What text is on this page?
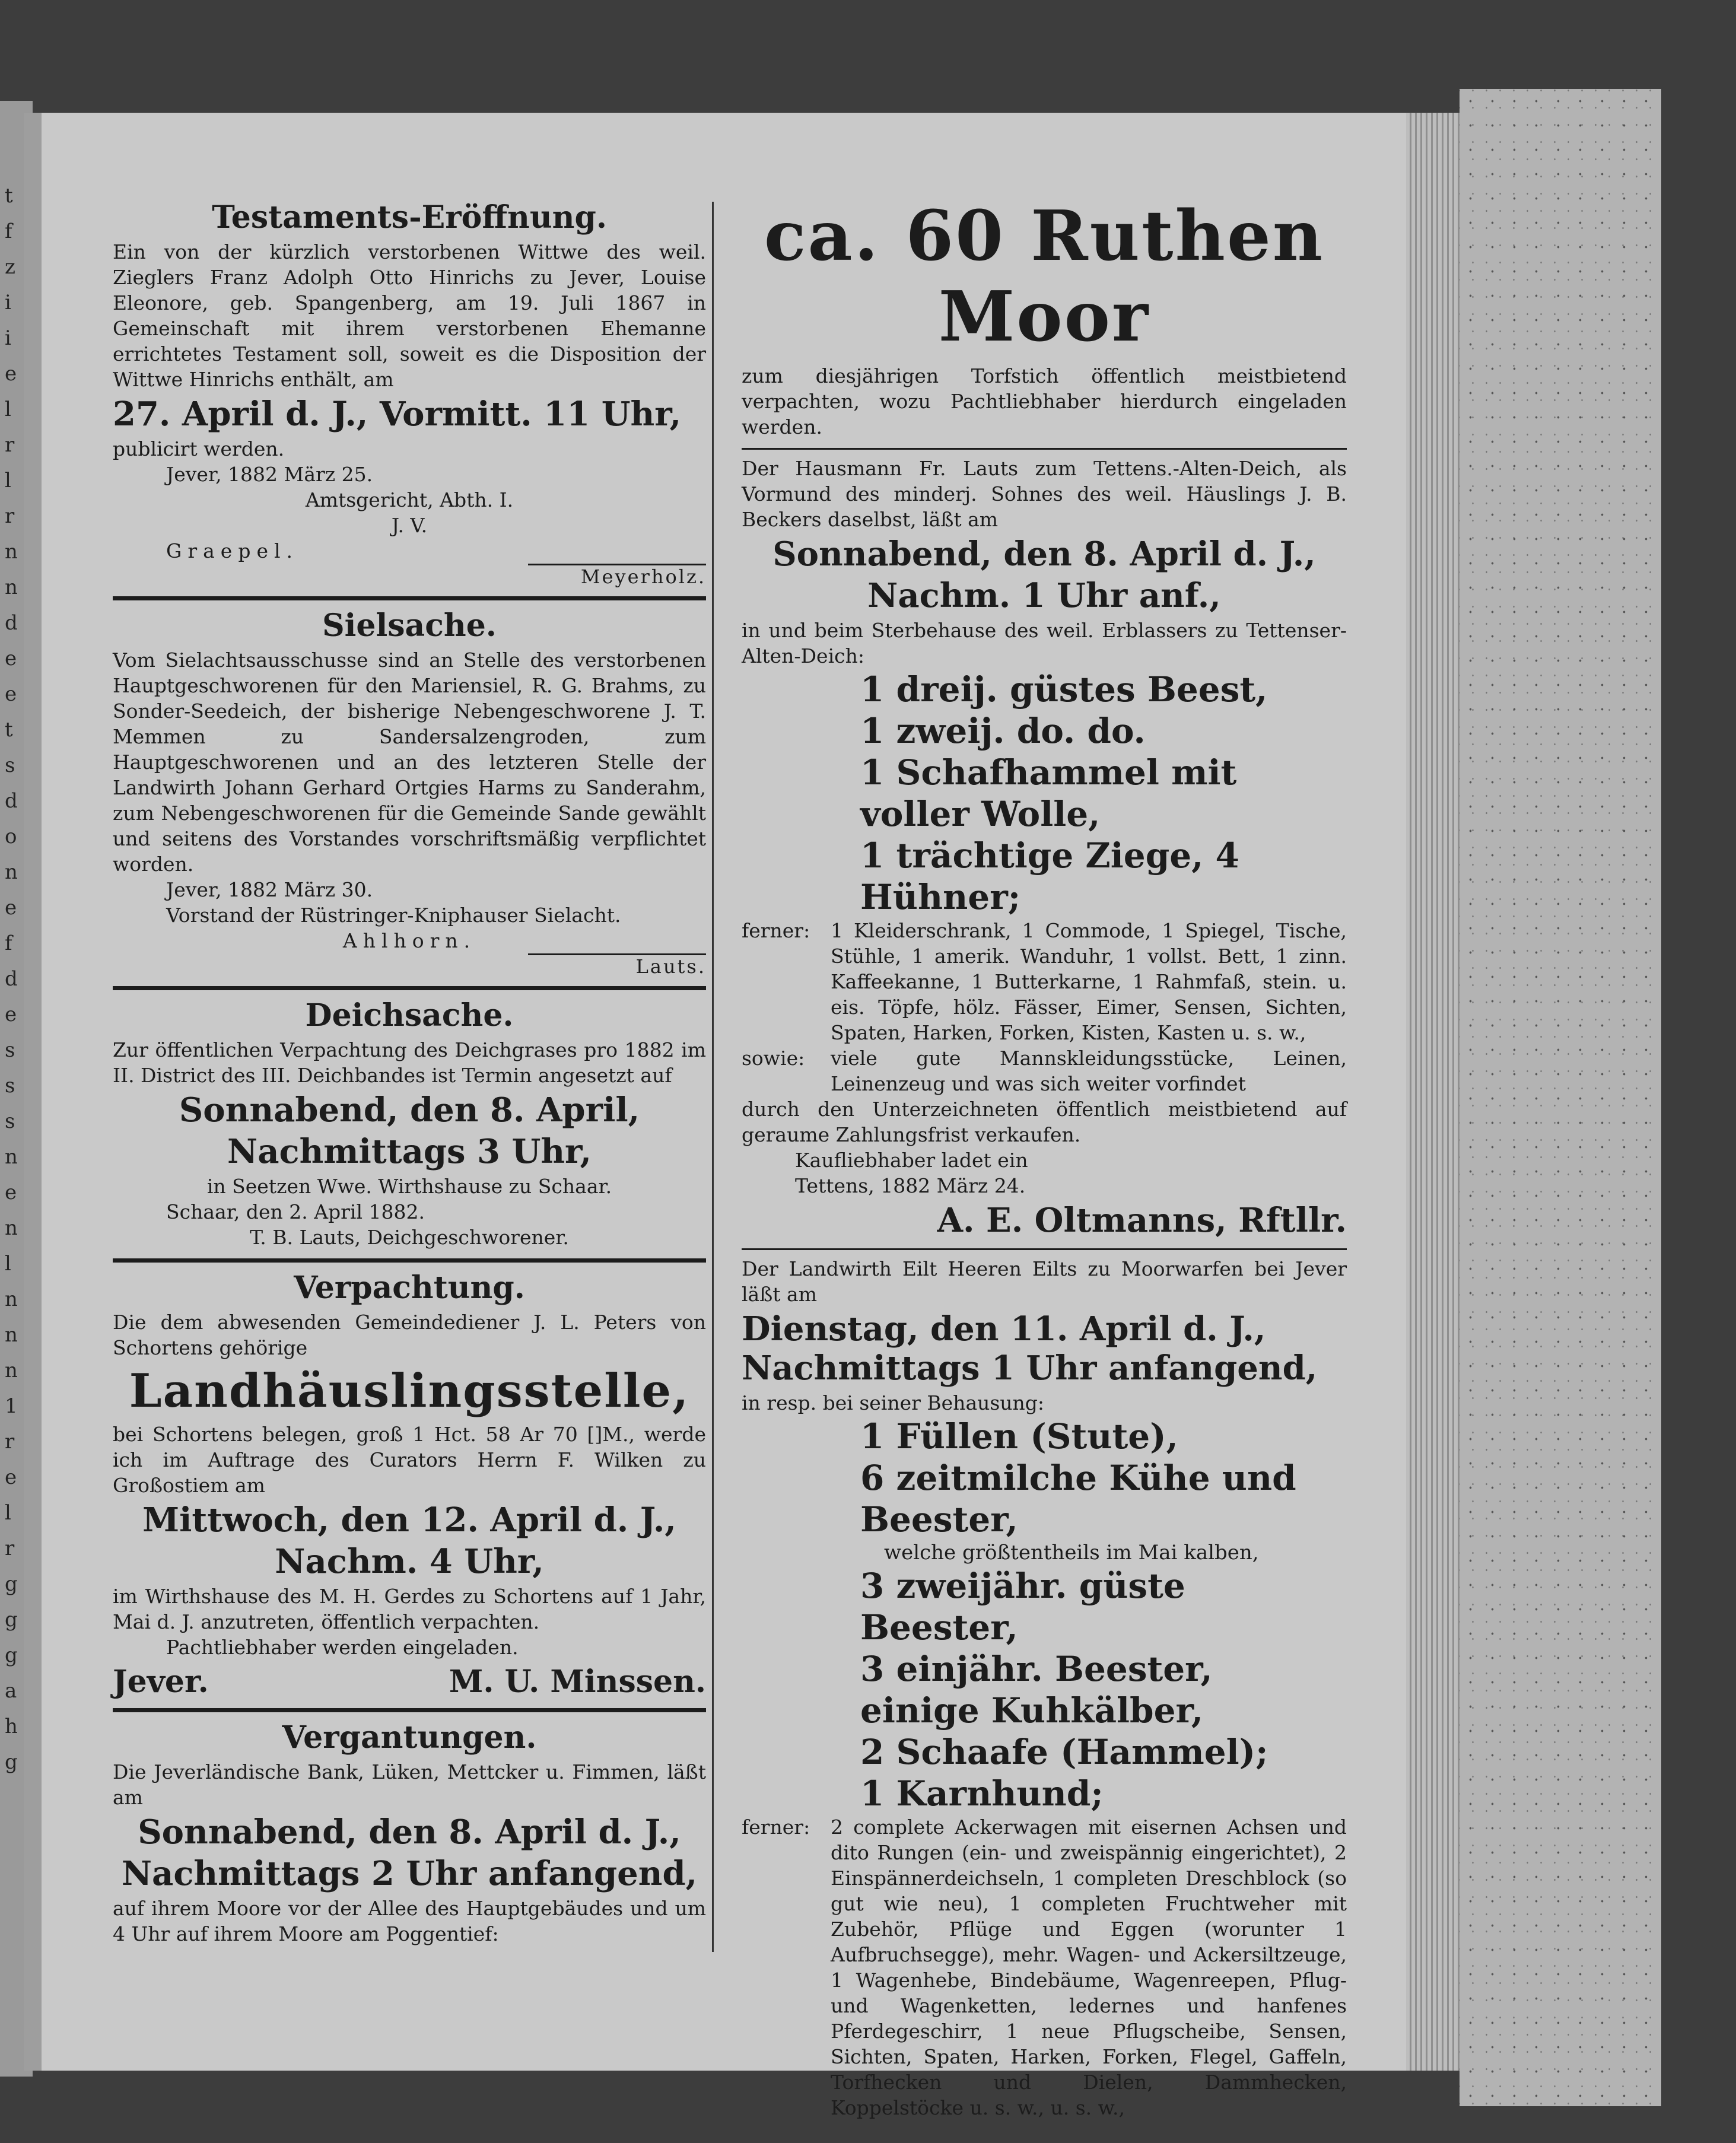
t
f
z
i
i
e
l
r
l
r
n
n
d
e
e
t
s
d
o
n
e
f
d
e
s
s
s
n
e
n
l
n
n
n
1
r
e
l
r
g
g
g
a
h
g
Testaments-Eröffnung.

Ein von der kürzlich verstorbenen Wittwe des weil. Zieglers Franz Adolph Otto Hinrichs zu Jever, Louise Eleonore, geb. Spangenberg, am 19. Juli 1867 in Gemeinschaft mit ihrem verstorbenen Ehemanne errichtetes Testament soll, soweit es die Disposition der Wittwe Hinrichs enthält, am

27. April d. J., Vormitt. 11 Uhr,

publicirt werden.

Jever, 1882 März 25.

Amtsgericht, Abth. I.

J. V.

Graepel.

Meyerholz.
Sielsache.

Vom Sielachtsausschusse sind an Stelle des verstorbenen Hauptgeschworenen für den Mariensiel, R. G. Brahms, zu Sonder-Seedeich, der bisherige Nebengeschworene J. T. Memmen zu Sandersalzengroden, zum Hauptgeschworenen und an des letzteren Stelle der Landwirth Johann Gerhard Ortgies Harms zu Sanderahm, zum Nebengeschworenen für die Gemeinde Sande gewählt und seitens des Vorstandes vorschriftsmäßig verpflichtet worden.

Jever, 1882 März 30.

Vorstand der Rüstringer-Kniphauser Sielacht.

Ahlhorn.

Lauts.
Deichsache.

Zur öffentlichen Verpachtung des Deichgrases pro 1882 im II. District des III. Deichbandes ist Termin angesetzt auf

Sonnabend, den 8. April,
Nachmittags 3 Uhr,

in Seetzen Wwe. Wirthshause zu Schaar.

Schaar, den 2. April 1882.

T. B. Lauts, Deichgeschworener.

Verpachtung.

Die dem abwesenden Gemeindediener J. L. Peters von Schortens gehörige

Landhäuslingsstelle,

bei Schortens belegen, groß 1 Hct. 58 Ar 70 []M., werde ich im Auftrage des Curators Herrn F. Wilken zu Großostiem am

Mittwoch, den 12. April d. J.,
Nachm. 4 Uhr,

im Wirthshause des M. H. Gerdes zu Schortens auf 1 Jahr, Mai d. J. anzutreten, öffentlich verpachten.

Pachtliebhaber werden eingeladen.

Jever.	M. U. Minssen.
Vergantungen.

Die Jeverländische Bank, Lüken, Mettcker u. Fimmen, läßt am

Sonnabend, den 8. April d. J.,
Nachmittags 2 Uhr anfangend,

auf ihrem Moore vor der Allee des Hauptgebäudes und um 4 Uhr auf ihrem Moore am Poggentief:

ca. 60 Ruthen Moor

zum diesjährigen Torfstich öffentlich meistbietend verpachten, wozu Pachtliebhaber hierdurch eingeladen werden.

Der Hausmann Fr. Lauts zum Tettens.-Alten-Deich, als Vormund des minderj. Sohnes des weil. Häuslings J. B. Beckers daselbst, läßt am

Sonnabend, den 8. April d. J.,
Nachm. 1 Uhr anf.,

in und beim Sterbehause des weil. Erblassers zu Tettenser-Alten-Deich:

1 dreij. güstes Beest,
1 zweij. do. do.
1 Schafhammel mit voller Wolle,
1 trächtige Ziege, 4 Hühner;
ferner:	1 Kleiderschrank, 1 Commode, 1 Spiegel, Tische, Stühle, 1 amerik. Wanduhr, 1 vollst. Bett, 1 zinn. Kaffeekanne, 1 Butterkarne, 1 Rahmfaß, stein. u. eis. Töpfe, hölz. Fässer, Eimer, Sensen, Sichten, Spaten, Harken, Forken, Kisten, Kasten u. s. w.,

sowie:	viele gute Mannskleidungsstücke, Leinen, Leinenzeug und was sich weiter vorfindet

durch den Unterzeichneten öffentlich meistbietend auf geraume Zahlungsfrist verkaufen.

Kaufliebhaber ladet ein

Tettens, 1882 März 24.

A. E. Oltmanns, Rftllr.

Der Landwirth Eilt Heeren Eilts zu Moorwarfen bei Jever läßt am

Dienstag, den 11. April d. J., Nachmittags 1 Uhr anfangend,

in resp. bei seiner Behausung:

1 Füllen (Stute),
6 zeitmilche Kühe und Beester,
welche größtentheils im Mai kalben,
3 zweijähr. güste Beester,
3 einjähr. Beester,
einige Kuhkälber,
2 Schaafe (Hammel);
1 Karnhund;
ferner:	2 complete Ackerwagen mit eisernen Achsen und dito Rungen (ein- und zweispännig eingerichtet), 2 Einspännerdeichseln, 1 completen Dreschblock (so gut wie neu), 1 completen Fruchtweher mit Zubehör, Pflüge und Eggen (worunter 1 Aufbruchsegge), mehr. Wagen- und Ackersiltzeuge, 1 Wagenhebe, Bindebäume, Wagenreepen, Pflug- und Wagenketten, ledernes und hanfenes Pferdegeschirr, 1 neue Pflugscheibe, Sensen, Sichten, Spaten, Harken, Forken, Flegel, Gaffeln, Torfhecken und Dielen, Dammhecken, Koppelstöcke u. s. w., u. s. w.,
